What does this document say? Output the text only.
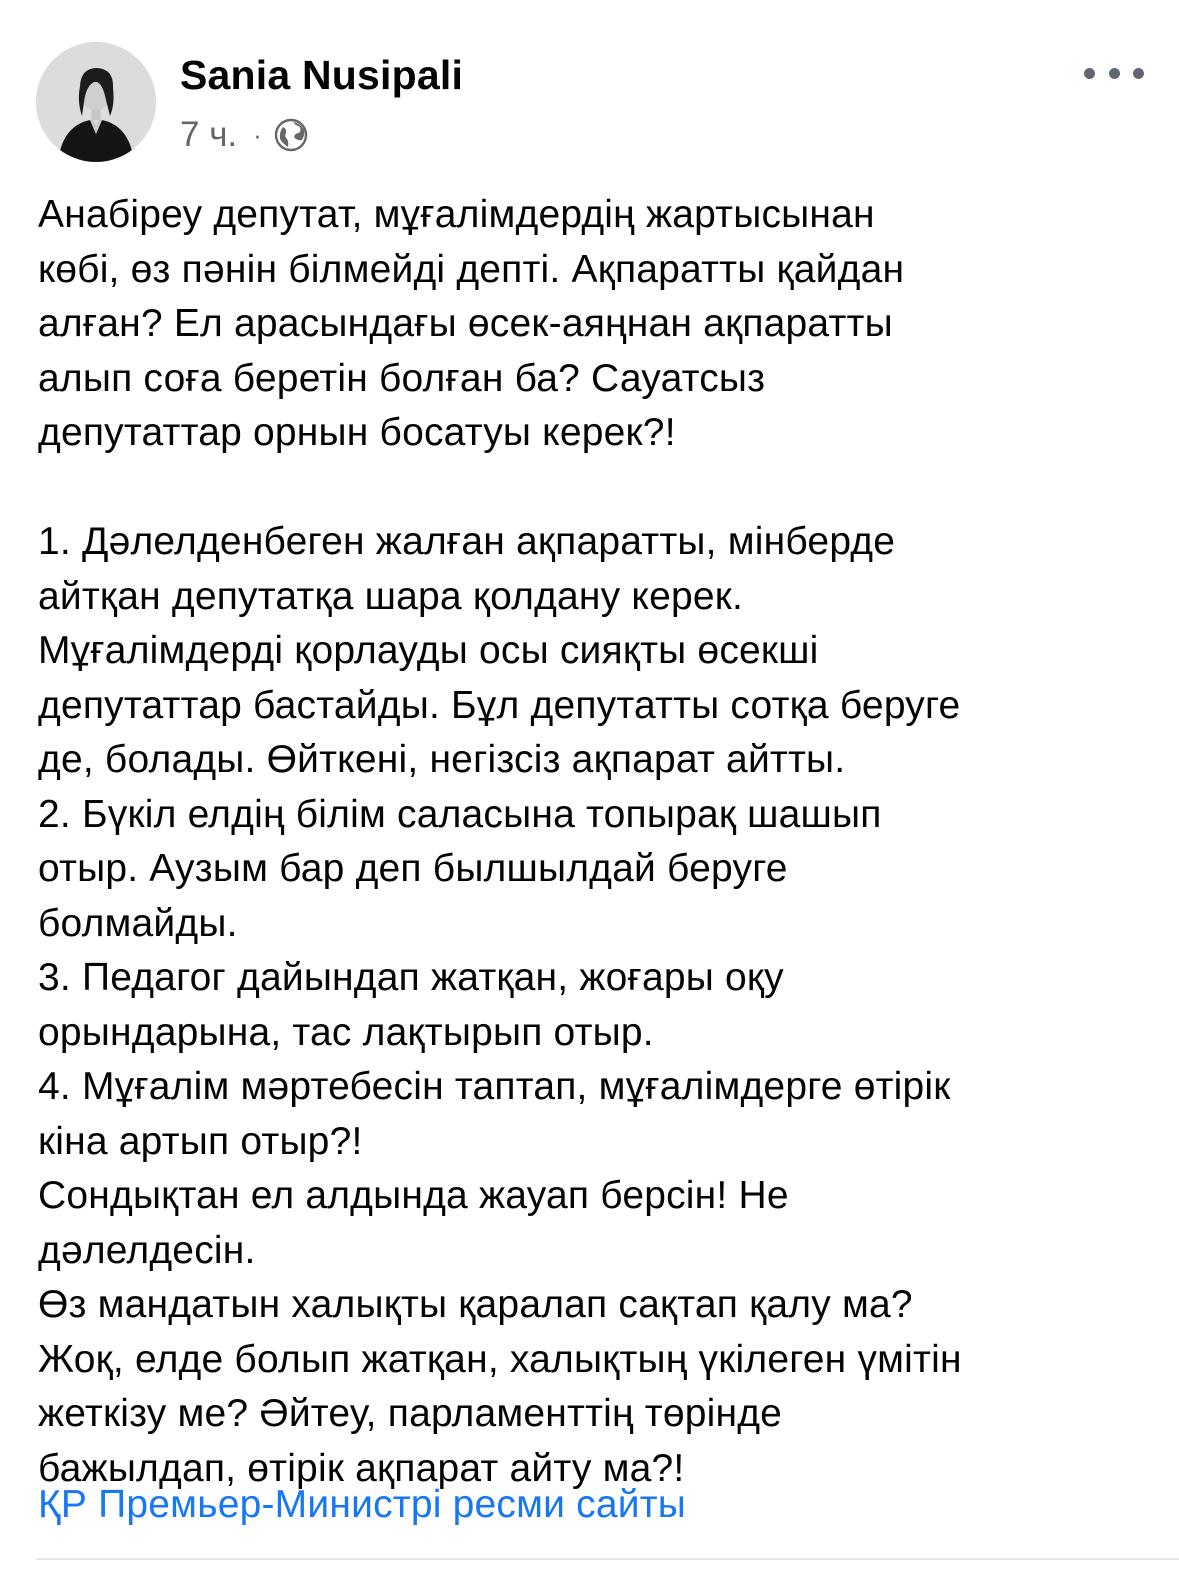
Sania Nusipali
7 ч. ·
Анабіреу депутат, мұғалімдердің жартысынан
көбі, өз пәнін білмейді депті. Ақпаратты қайдан
алған? Ел арасындағы өсек-аяңнан ақпаратты
алып соға беретін болған ба? Сауатсыз
депутаттар орнын босатуы керек?!
1. Дәлелденбеген жалған ақпаратты, мінберде
айтқан депутатқа шара қолдану керек.
Мұғалімдерді қорлауды осы сияқты өсекші
депутаттар бастайды. Бұл депутатты сотқа беруге
де, болады. Өйткені, негізсіз ақпарат айтты.
2. Бүкіл елдің білім саласына топырақ шашып
отыр. Аузым бар деп былшылдай беруге
болмайды.
3. Педагог дайындап жатқан, жоғары оқу
орындарына, тас лақтырып отыр.
4. Мұғалім мәртебесін таптап, мұғалімдерге өтірік
кіна артып отыр?!
Сондықтан ел алдында жауап берсін! Не
дәлелдесін.
Өз мандатын халықты қаралап сақтап қалу ма?
Жоқ, елде болып жатқан, халықтың үкілеген үмітін
жеткізу ме? Әйтеу, парламенттің төрінде
бажылдап, өтірік ақпарат айту ма?!
ҚР Премьер-Министрі ресми сайты
